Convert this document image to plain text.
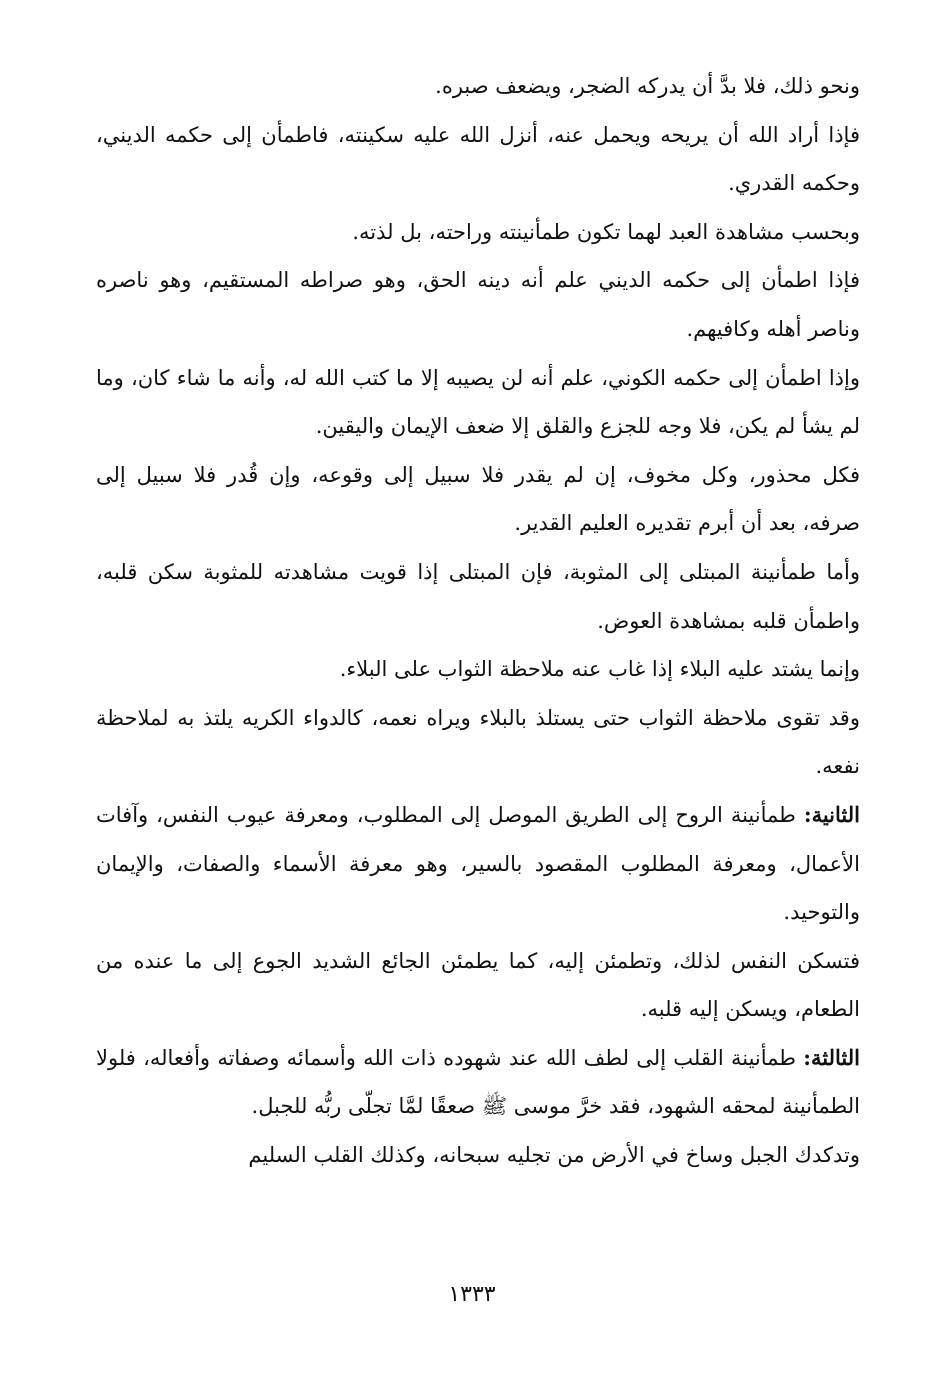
ونحو ذلك، فلا بدَّ أن يدركه الضجر، ويضعف صبره.

فإذا أراد الله أن يريحه ويحمل عنه، أنزل الله عليه سكينته، فاطمأن إلى حكمه الديني، وحكمه القدري.

وبحسب مشاهدة العبد لهما تكون طمأنينته وراحته، بل لذته.

فإذا اطمأن إلى حكمه الديني علم أنه دينه الحق، وهو صراطه المستقيم، وهو ناصره وناصر أهله وكافيهم.

وإذا اطمأن إلى حكمه الكوني، علم أنه لن يصيبه إلا ما كتب الله له، وأنه ما شاء كان، وما لم يشأ لم يكن، فلا وجه للجزع والقلق إلا ضعف الإيمان واليقين.

فكل محذور، وكل مخوف، إن لم يقدر فلا سبيل إلى وقوعه، وإن قُدر فلا سبيل إلى صرفه، بعد أن أبرم تقديره العليم القدير.

وأما طمأنينة المبتلى إلى المثوبة، فإن المبتلى إذا قويت مشاهدته للمثوبة سكن قلبه، واطمأن قلبه بمشاهدة العوض.

وإنما يشتد عليه البلاء إذا غاب عنه ملاحظة الثواب على البلاء.

وقد تقوى ملاحظة الثواب حتى يستلذ بالبلاء ويراه نعمه، كالدواء الكريه يلتذ به لملاحظة نفعه.

الثانية: طمأنينة الروح إلى الطريق الموصل إلى المطلوب، ومعرفة عيوب النفس، وآفات الأعمال، ومعرفة المطلوب المقصود بالسير، وهو معرفة الأسماء والصفات، والإيمان والتوحيد.

فتسكن النفس لذلك، وتطمئن إليه، كما يطمئن الجائع الشديد الجوع إلى ما عنده من الطعام، ويسكن إليه قلبه.

الثالثة: طمأنينة القلب إلى لطف الله عند شهوده ذات الله وأسمائه وصفاته وأفعاله، فلولا الطمأنينة لمحقه الشهود، فقد خرَّ موسى ﷺ صعقًا لمَّا تجلّى ربُّه للجبل.

وتدكدك الجبل وساخ في الأرض من تجليه سبحانه، وكذلك القلب السليم

١٣٣٣
